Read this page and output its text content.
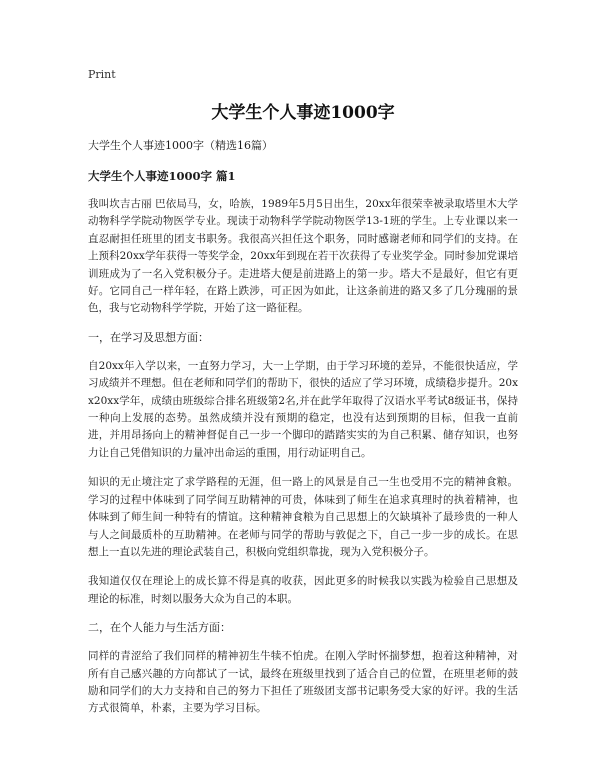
Print
大学生个人事迹1000字
大学生个人事迹1000字（精选16篇）
大学生个人事迹1000字 篇1

我叫坎吉古丽 巴依局马，女，哈族，1989年5月5日出生，20xx年很荣幸被录取塔里木大学动物科学学院动物医学专业。现读于动物科学学院动物医学13-1班的学生。上专业课以来一直忍耐担任班里的团支书职务。我很高兴担任这个职务，同时感谢老师和同学们的支持。在上预科20xx学年获得一等奖学金，20xx年到现在若干次获得了专业奖学金。同时参加党课培训班成为了一名入党积极分子。走进塔大便是前进路上的第一步。塔大不是最好，但它有更好。它同自己一样年轻，在路上跌涉，可正因为如此，让这条前进的路又多了几分瑰丽的景色，我与它动物科学学院，开始了这一路征程。

一，在学习及思想方面：

自20xx年入学以来，一直努力学习，大一上学期，由于学习环境的差异，不能很快适应，学习成绩并不理想。但在老师和同学们的帮助下，很快的适应了学习环境，成绩稳步提升。20xx20xx学年，成绩由班级综合排名班级第2名,并在此学年取得了汉语水平考试8级证书，保持一种向上发展的态势。虽然成绩并没有预期的稳定，也没有达到预期的目标，但我一直前进，并用昂扬向上的精神督促自己一步一个脚印的踏踏实实的为自己积累、储存知识，也努力让自己凭借知识的力量冲出命运的重围，用行动证明自己。

知识的无止境注定了求学路程的无涯，但一路上的风景是自己一生也受用不完的精神食粮。学习的过程中体味到了同学间互助精神的可贵，体味到了师生在追求真理时的执着精神，也体味到了师生间一种特有的情谊。这种精神食粮为自己思想上的欠缺填补了最珍贵的一种人与人之间最质朴的互助精神。在老师与同学的帮助与敦促之下，自己一步一步的成长。在思想上一直以先进的理论武装自己，积极向党组织靠拢，现为入党积极分子。

我知道仅仅在理论上的成长算不得是真的收获，因此更多的时候我以实践为检验自己思想及理论的标准，时刻以服务大众为自己的本职。

二，在个人能力与生活方面：

同样的青涩给了我们同样的精神初生牛犊不怕虎。在刚入学时怀揣梦想，抱着这种精神，对所有自己感兴趣的方向都试了一试，最终在班级里找到了适合自己的位置，在班里老师的鼓励和同学们的大力支持和自己的努力下担任了班级团支部书记职务受大家的好评。我的生活方式很简单，朴素，主要为学习目标。
